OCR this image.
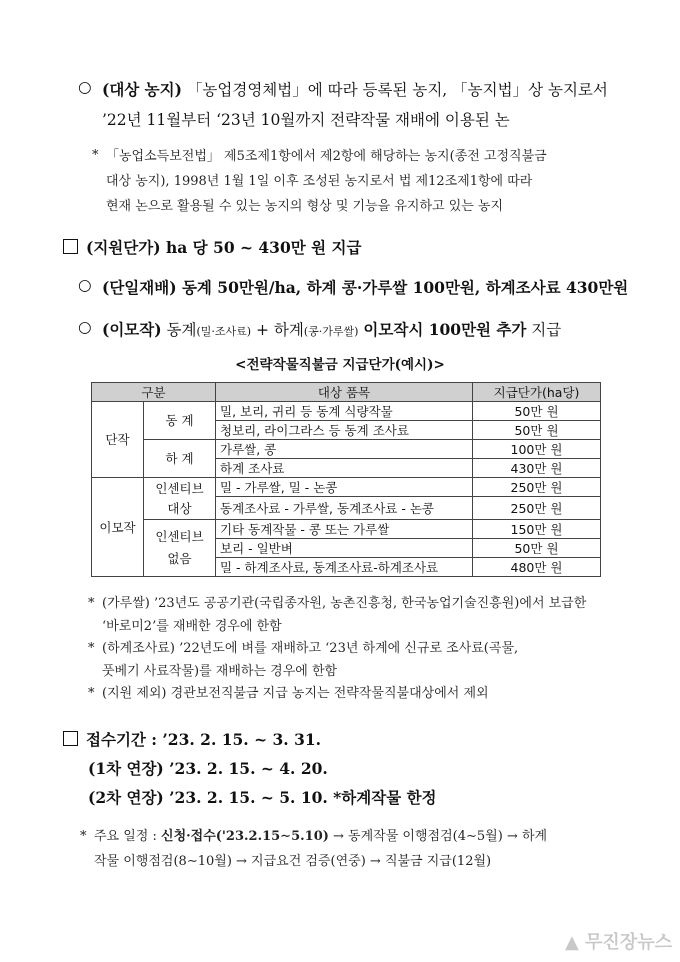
○ (대상 농지) 「농업경영체법」에 따라 등록된 농지, 「농지법」상 농지로서
’22년 11월부터 ‘23년 10월까지 전략작물 재배에 이용된 논
* 「농업소득보전법」 제5조제1항에서 제2항에 해당하는 농지(종전 고정직불금
대상 농지), 1998년 1월 1일 이후 조성된 농지로서 법 제12조제1항에 따라
현재 논으로 활용될 수 있는 농지의 형상 및 기능을 유지하고 있는 농지
(지원단가) ha 당 50 ~ 430만 원 지급
○ (단일재배) 동계 50만원/ha, 하계 콩·가루쌀 100만원, 하계조사료 430만원
○ (이모작) 동계(밀·조사료) + 하계(콩·가루쌀) 이모작시 100만원 추가 지급
<전략작물직불금 지급단가(예시)>
구분		대상 품목	지급단가(ha당)
단작	동 계	밀, 보리, 귀리 등 동계 식량작물	50만 원
		청보리, 라이그라스 등 동계 조사료	50만 원
	하 계	가루쌀, 콩	100만 원
		하계 조사료	430만 원
이모작	인센티브 대상	밀 - 가루쌀, 밀 - 논콩	250만 원
		동계조사료 - 가루쌀, 동계조사료 - 논콩	250만 원
	인센티브 없음	기타 동계작물 - 콩 또는 가루쌀	150만 원
		보리 - 일반벼	50만 원
		밀 - 하계조사료, 동계조사료-하계조사료	480만 원
* (가루쌀) ’23년도 공공기관(국립종자원, 농촌진흥청, 한국농업기술진흥원)에서 보급한
‘바로미2’를 재배한 경우에 한함
* (하계조사료) ’22년도에 벼를 재배하고 ‘23년 하계에 신규로 조사료(곡물,
풋베기 사료작물)를 재배하는 경우에 한함
* (지원 제외) 경관보전직불금 지급 농지는 전략작물직불대상에서 제외
접수기간 : ’23. 2. 15. ~ 3. 31.
(1차 연장) ’23. 2. 15. ~ 4. 20.
(2차 연장) ’23. 2. 15. ~ 5. 10. *하계작물 한정
* 주요 일정 : 신청·접수('23.2.15∼5.10) → 동계작물 이행점검(4∼5월) → 하계
작물 이행점검(8∼10월) → 지급요건 검증(연중) → 직불금 지급(12월)
▲ 무진장뉴스
